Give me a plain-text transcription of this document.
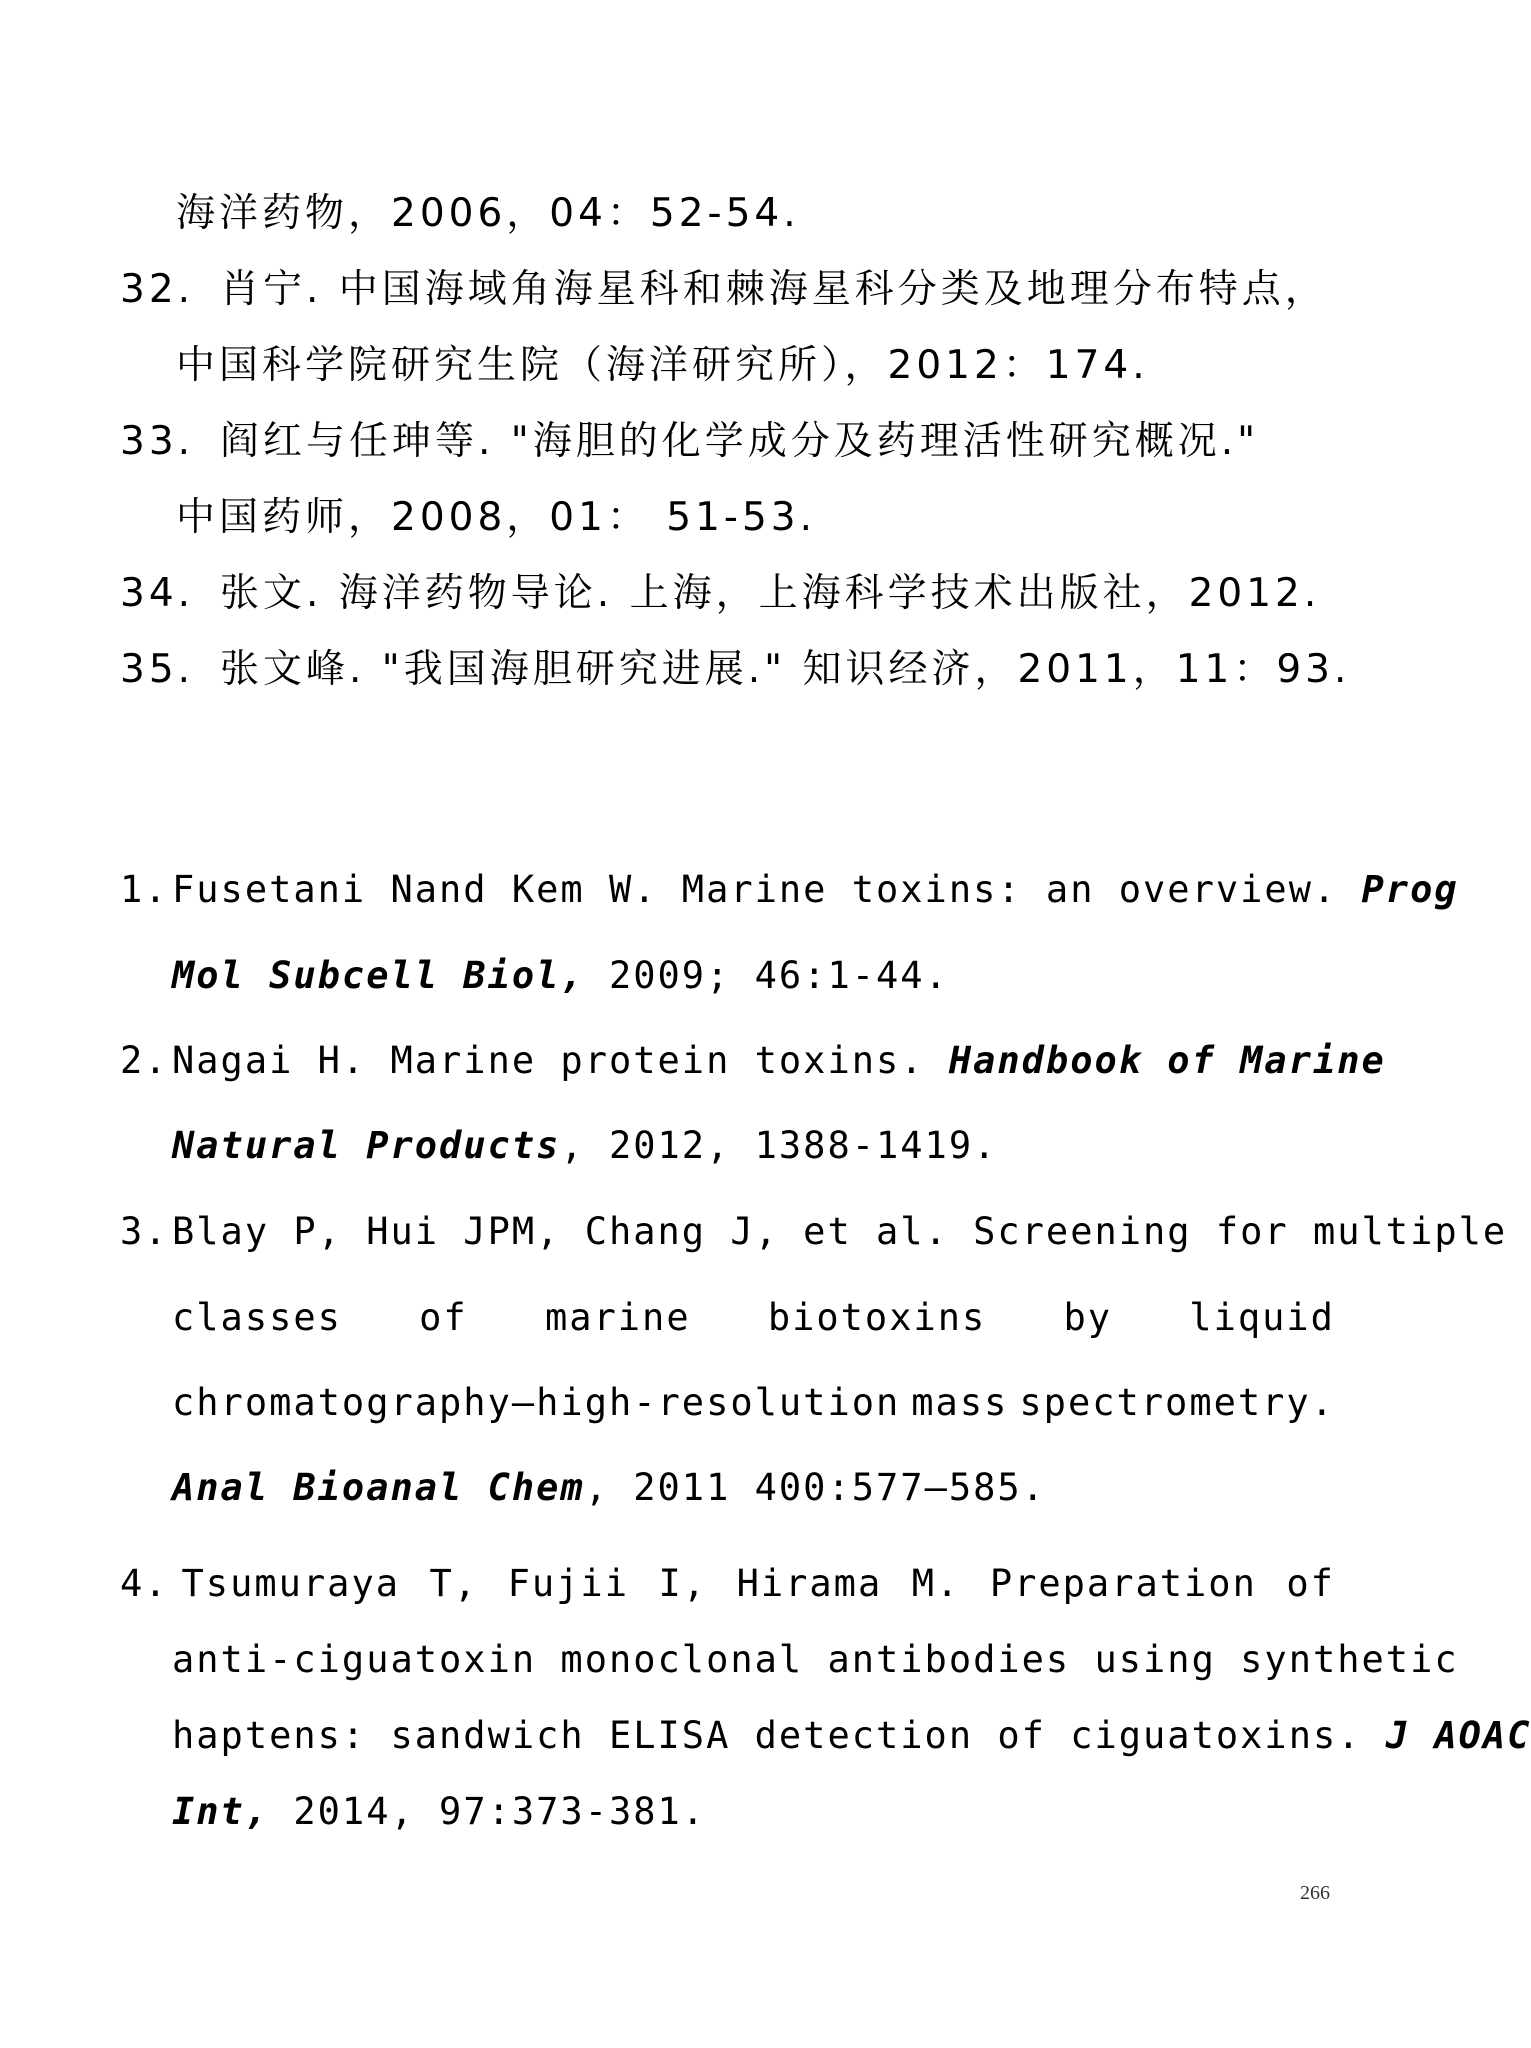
海洋药物，2006，04：52-54.
32. 肖宁. 中国海域角海星科和棘海星科分类及地理分布特点，
中国科学院研究生院（海洋研究所），2012：174.
33. 阎红与任珅等. "海胆的化学成分及药理活性研究概况."
中国药师，2008，01： 51-53.
34. 张文. 海洋药物导论. 上海，上海科学技术出版社，2012.
35. 张文峰. "我国海胆研究进展." 知识经济，2011，11：93.
1.Fusetani Nand Kem W. Marine toxins: an overview. Prog
Mol Subcell Biol, 2009; 46:1-44.
2.Nagai H. Marine protein toxins. Handbook of Marine
Natural Products, 2012, 1388-1419.
3.Blay P, Hui JPM, Chang J, et al. Screening for multiple
classes of marine biotoxins by liquid
chromatography–high-resolution mass spectrometry.
Anal Bioanal Chem, 2011 400:577–585.
4. Tsumuraya T, Fujii I, Hirama M. Preparation of
anti-ciguatoxin monoclonal antibodies using synthetic
haptens: sandwich ELISA detection of ciguatoxins. J AOAC
Int, 2014, 97:373-381.
266
